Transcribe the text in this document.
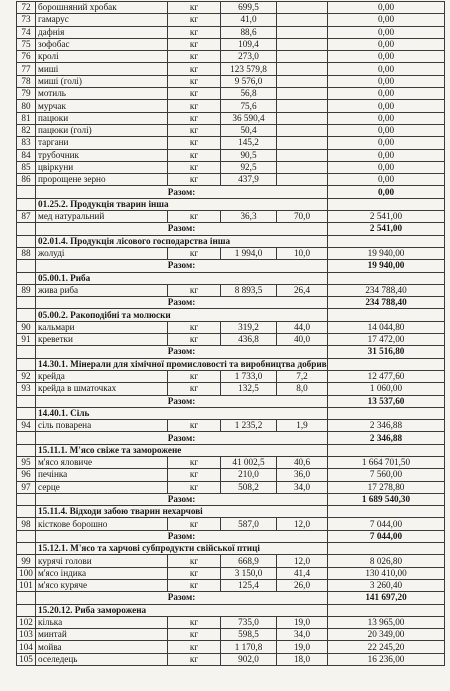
72	борошняний хробак	кг	699,5		0,00
73	гамарус	кг	41,0		0,00
74	дафнія	кг	88,6		0,00
75	зофобас	кг	109,4		0,00
76	кролі	кг	273,0		0,00
77	миші	кг	123 579,8		0,00
78	миші (голі)	кг	9 576,0		0,00
79	мотиль	кг	56,8		0,00
80	мурчак	кг	75,6		0,00
81	пацюки	кг	36 590,4		0,00
82	пацюки (голі)	кг	50,4		0,00
83	таргани	кг	145,2		0,00
84	трубочник	кг	90,5		0,00
85	цвіркуни	кг	92,5		0,00
86	пророщене зерно	кг	437,9		0,00
	Разом:				0,00
	01.25.2. Продукція тварин інша				
87	мед натуральний	кг	36,3	70,0	2 541,00
	Разом:				2 541,00
	02.01.4. Продукція лісового господарства інша				
88	жолуді	кг	1 994,0	10,0	19 940,00
	Разом:				19 940,00
	05.00.1. Риба				
89	жива риба	кг	8 893,5	26,4	234 788,40
	Разом:				234 788,40
	05.00.2. Ракоподібні та молюски				
90	кальмари	кг	319,2	44,0	14 044,80
91	креветки	кг	436,8	40,0	17 472,00
	Разом:				31 516,80
	14.30.1. Мінерали для хімічної промисловості та виробництва добрив				
92	крейда	кг	1 733,0	7,2	12 477,60
93	крейда в шматочках	кг	132,5	8,0	1 060,00
	Разом:				13 537,60
	14.40.1. Сіль				
94	сіль поварена	кг	1 235,2	1,9	2 346,88
	Разом:				2 346,88
	15.11.1. М'ясо свіже та заморожене				
95	м'ясо яловиче	кг	41 002,5	40,6	1 664 701,50
96	печінка	кг	210,0	36,0	7 560,00
97	серце	кг	508,2	34,0	17 278,80
	Разом:				1 689 540,30
	15.11.4. Відходи забою тварин нехарчові				
98	кісткове борошно	кг	587,0	12,0	7 044,00
	Разом:				7 044,00
	15.12.1. М'ясо та харчові субпродукти свійської птиці				
99	курячі голови	кг	668,9	12,0	8 026,80
100	м'ясо індика	кг	3 150,0	41,4	130 410,00
101	м'ясо куряче	кг	125,4	26,0	3 260,40
	Разом:				141 697,20
	15.20.12. Риба заморожена				
102	кілька	кг	735,0	19,0	13 965,00
103	минтай	кг	598,5	34,0	20 349,00
104	мойва	кг	1 170,8	19,0	22 245,20
105	оселедець	кг	902,0	18,0	16 236,00
